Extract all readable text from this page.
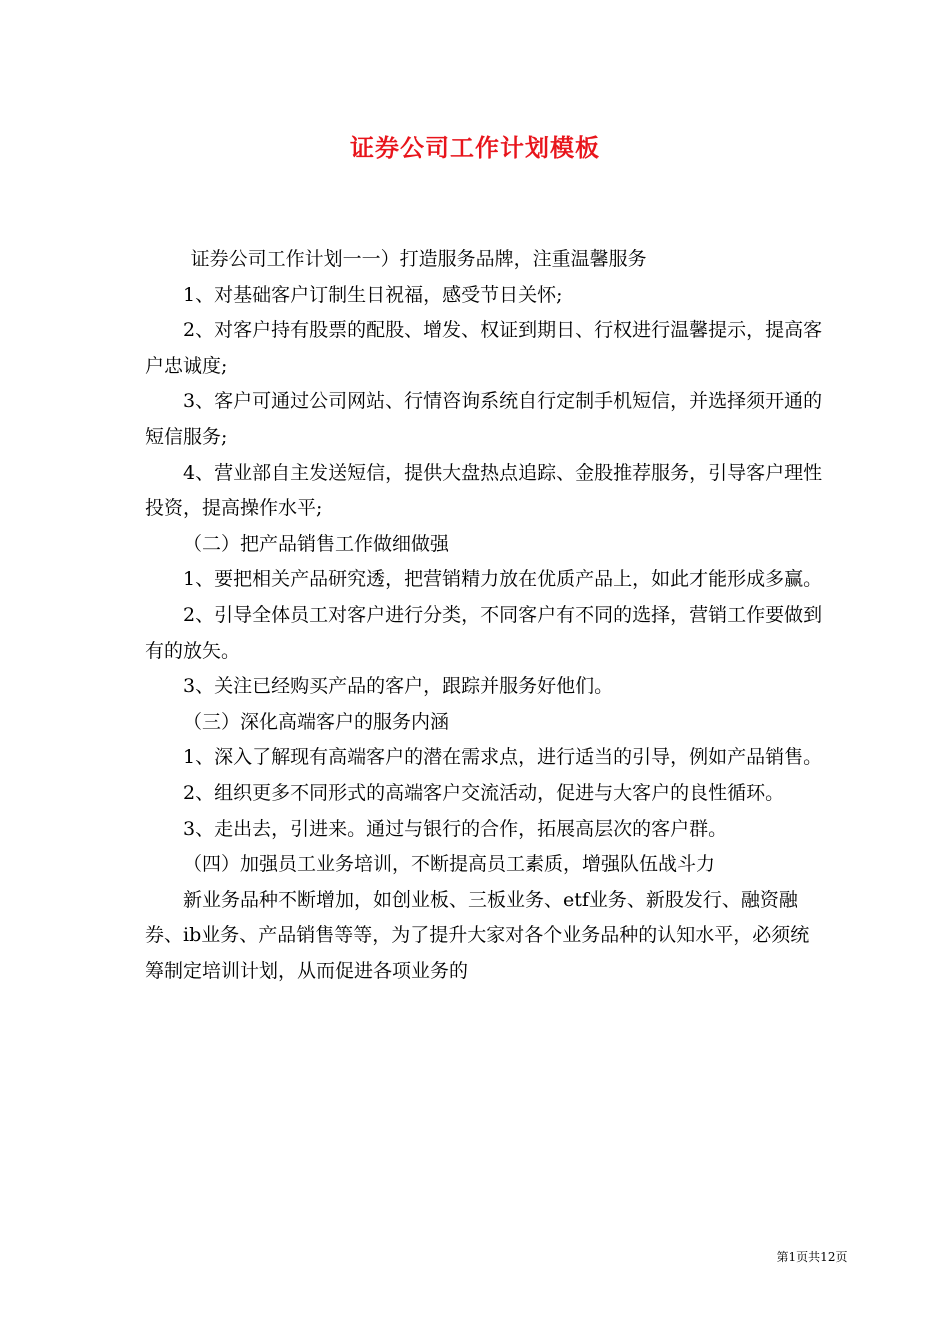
证券公司工作计划模板

证券公司工作计划一一）打造服务品牌，注重温馨服务

1、对基础客户订制生日祝福，感受节日关怀;

2、对客户持有股票的配股、增发、权证到期日、行权进行温馨提示，提高客户忠诚度;

3、客户可通过公司网站、行情咨询系统自行定制手机短信，并选择须开通的短信服务;

4、营业部自主发送短信，提供大盘热点追踪、金股推荐服务，引导客户理性投资，提高操作水平;

（二）把产品销售工作做细做强

1、要把相关产品研究透，把营销精力放在优质产品上，如此才能形成多赢。

2、引导全体员工对客户进行分类，不同客户有不同的选择，营销工作要做到有的放矢。

3、关注已经购买产品的客户，跟踪并服务好他们。

（三）深化高端客户的服务内涵

1、深入了解现有高端客户的潜在需求点，进行适当的引导，例如产品销售。

2、组织更多不同形式的高端客户交流活动，促进与大客户的良性循环。

3、走出去，引进来。通过与银行的合作，拓展高层次的客户群。

（四）加强员工业务培训，不断提高员工素质，增强队伍战斗力

新业务品种不断增加，如创业板、三板业务、etf业务、新股发行、融资融券、ib业务、产品销售等等，为了提升大家对各个业务品种的认知水平，必须统筹制定培训计划，从而促进各项业务的

第1页共12页
